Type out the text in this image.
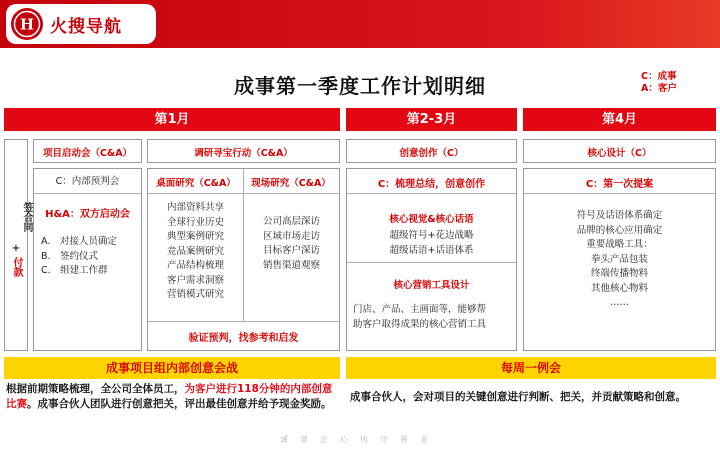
H 火搜导航
成事第一季度工作计划明细	C：成事
A：客户
第1月	第2-3月	第4月
签合同
+
付款
项目启动会（C&A）
C：内部预判会
H&A：双方启动会
A.　对接人员确定
B.　签约仪式
C.　组建工作群
调研寻宝行动（C&A）
桌面研究（C&A）	现场研究（C&A）
内部资料共享
全球行业历史
典型案例研究
竞品案例研究
产品结构梳理
客户需求洞察
营销模式研究
公司高层深访
区域市场走访
目标客户深访
销售渠道观察
验证预判，找参考和启发
创意创作（C）
C：梳理总结，创意创作
核心视觉&核心话语
超级符号+花边战略
超级话语+话语体系
核心营销工具设计
门店、产品、主画面等，能够帮
助客户取得成果的核心营销工具
核心设计（C）
C：第一次提案
符号及话语体系确定
品牌的核心应用确定
重要战略工具：
拳头产品包装
终端传播物料
其他核心物料
……
成事项目组内部创意会战
根据前期策略梳理，全公司全体员工，为客户进行118分钟的内部创意比赛。成事合伙人团队进行创意把关，评出最佳创意并给予现金奖励。
每周一例会
成事合伙人，会对项目的关键创意进行判断、把关，并贡献策略和创意。
诚意正心执守善业
